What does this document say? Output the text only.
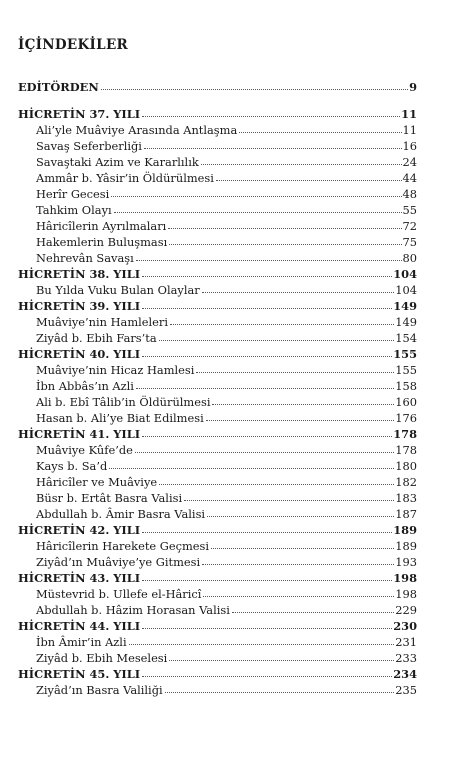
İÇİNDEKİLER
EDİTÖRDEN	9
HİCRETİN 37. YILI	11
Ali’yle Muâviye Arasında Antlaşma	11
Savaş Seferberliği	16
Savaştaki Azim ve Kararlılık	24
Ammâr b. Yâsir’in Öldürülmesi	44
Herîr Gecesi	48
Tahkim Olayı	55
Hâricîlerin Ayrılmaları	72
Hakemlerin Buluşması	75
Nehrevân Savaşı	80
HİCRETİN 38. YILI	104
Bu Yılda Vuku Bulan Olaylar	104
HİCRETİN 39. YILI	149
Muâviye’nin Hamleleri	149
Ziyâd b. Ebih Fars’ta	154
HİCRETİN 40. YILI	155
Muâviye’nin Hicaz Hamlesi	155
İbn Abbâs’ın Azli	158
Ali b. Ebî Tâlib’in Öldürülmesi	160
Hasan b. Ali’ye Biat Edilmesi	176
HİCRETİN 41. YILI	178
Muâviye Kûfe’de	178
Kays b. Sa’d	180
Hâricîler ve Muâviye	182
Büsr b. Ertât Basra Valisi	183
Abdullah b. Âmir Basra Valisi	187
HİCRETİN 42. YILI	189
Hâricîlerin Harekete Geçmesi	189
Ziyâd’ın Muâviye’ye Gitmesi	193
HİCRETİN 43. YILI	198
Müstevrid b. Ullefe el-Hâricî	198
Abdullah b. Hâzim Horasan Valisi	229
HİCRETİN 44. YILI	230
İbn Âmir’in Azli	231
Ziyâd b. Ebih Meselesi	233
HİCRETİN 45. YILI	234
Ziyâd’ın Basra Valiliği	235
